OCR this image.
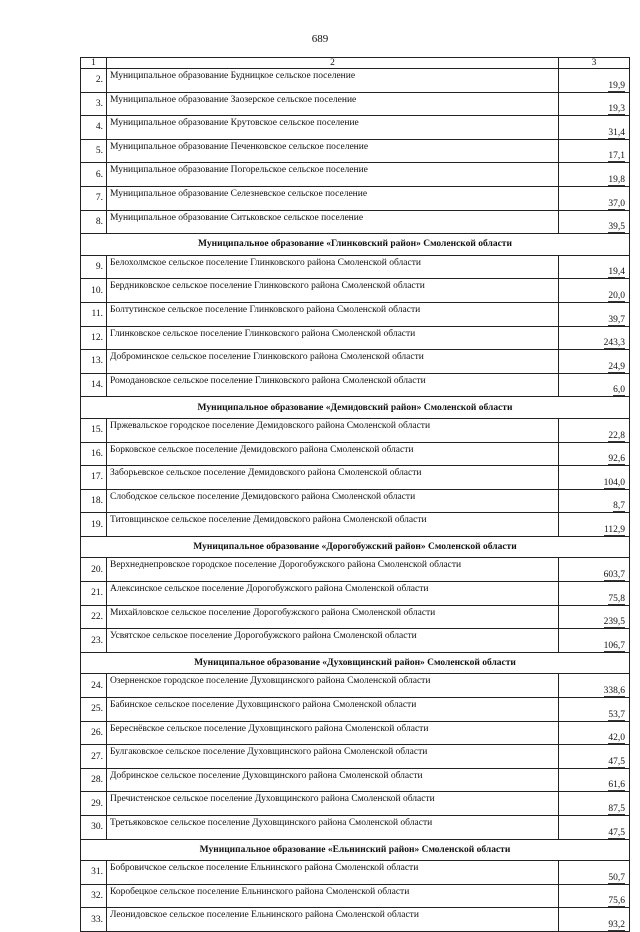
689
1	2	3
2.	Муниципальное образование Будницкое сельское поселение	19,9
3.	Муниципальное образование Заозерское сельское поселение	19,3
4.	Муниципальное образование Крутовское сельское поселение	31,4
5.	Муниципальное образование Печенковское сельское поселение	17,1
6.	Муниципальное образование Погорельское сельское поселение	19,8
7.	Муниципальное образование Селезневское сельское поселение	37,0
8.	Муниципальное образование Ситьковское сельское поселение	39,5
Муниципальное образование «Глинковский район» Смоленской области		
9.	Белохолмское сельское поселение Глинковского района Смоленской области	19,4
10.	Бердниковское сельское поселение Глинковского района Смоленской области	20,0
11.	Болтутинское сельское поселение Глинковского района Смоленской области	39,7
12.	Глинковское сельское поселение Глинковского района Смоленской области	243,3
13.	Доброминское сельское поселение Глинковского района Смоленской области	24,9
14.	Ромодановское сельское поселение Глинковского района Смоленской области	6,0
Муниципальное образование «Демидовский район» Смоленской области		
15.	Пржевальское городское поселение Демидовского района Смоленской области	22,8
16.	Борковское сельское поселение Демидовского района Смоленской области	92,6
17.	Заборьевское сельское поселение Демидовского района Смоленской области	104,0
18.	Слободское сельское поселение Демидовского района Смоленской области	8,7
19.	Титовщинское сельское поселение Демидовского района Смоленской области	112,9
Муниципальное образование «Дорогобужский район» Смоленской области		
20.	Верхнеднепровское городское поселение Дорогобужского района Смоленской области	603,7
21.	Алексинское сельское поселение Дорогобужского района Смоленской области	75,8
22.	Михайловское сельское поселение Дорогобужского района Смоленской области	239,5
23.	Усвятское сельское поселение Дорогобужского района Смоленской области	106,7
Муниципальное образование «Духовщинский район» Смоленской области		
24.	Озерненское городское поселение Духовщинского района Смоленской области	338,6
25.	Бабинское сельское поселение Духовщинского района Смоленской области	53,7
26.	Береснёвское сельское поселение Духовщинского района Смоленской области	42,0
27.	Булгаковское сельское поселение Духовщинского района Смоленской области	47,5
28.	Добринское сельское поселение Духовщинского района Смоленской области	61,6
29.	Пречистенское сельское поселение Духовщинского района Смоленской области	87,5
30.	Третьяковское сельское поселение Духовщинского района Смоленской области	47,5
Муниципальное образование «Ельнинский район» Смоленской области		
31.	Бобровичское сельское поселение Ельнинского района Смоленской области	50,7
32.	Коробецкое сельское поселение Ельнинского района Смоленской области	75,6
33.	Леонидовское сельское поселение Ельнинского района Смоленской области	93,2
